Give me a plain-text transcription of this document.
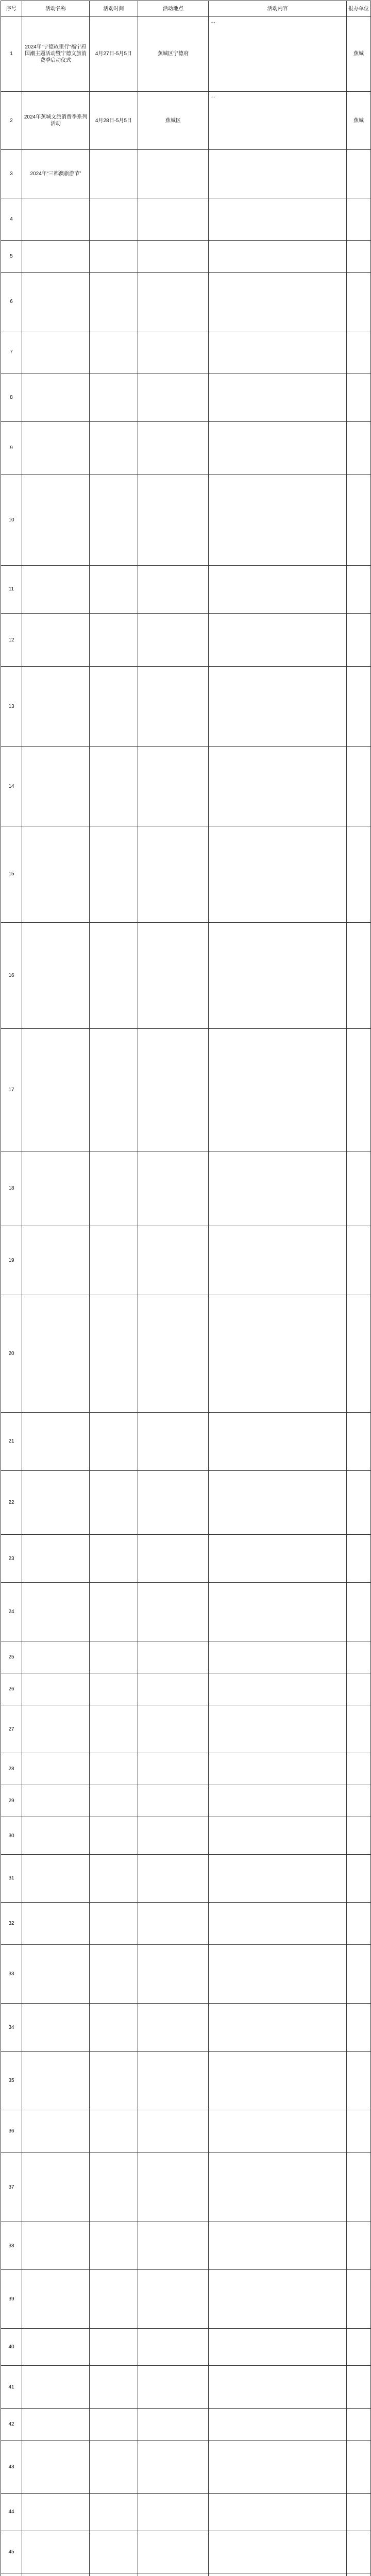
序号	活动名称	活动时间	活动地点	活动内容	报办单位
1	2024年“宁德故里行”福宁府国潮主题活动暨宁德文旅消费季启动仪式	4月27日-5月5日	蕉城区宁德府	…	蕉城
2	2024年蕉城文旅消费季系列活动	4月28日-5月5日	蕉城区	…	蕉城
3	2024年“三都澳旅游节”				
4					
5					
6					
7					
8					
9					
10					
11					
12					
13					
14					
15					
16					
17					
18					
19					
20					
21					
22					
23					
24					
25					
26					
27					
28					
29					
30					
31					
32					
33					
34					
35					
36					
37					
38					
39					
40					
41					
42					
43					
44					
45					
